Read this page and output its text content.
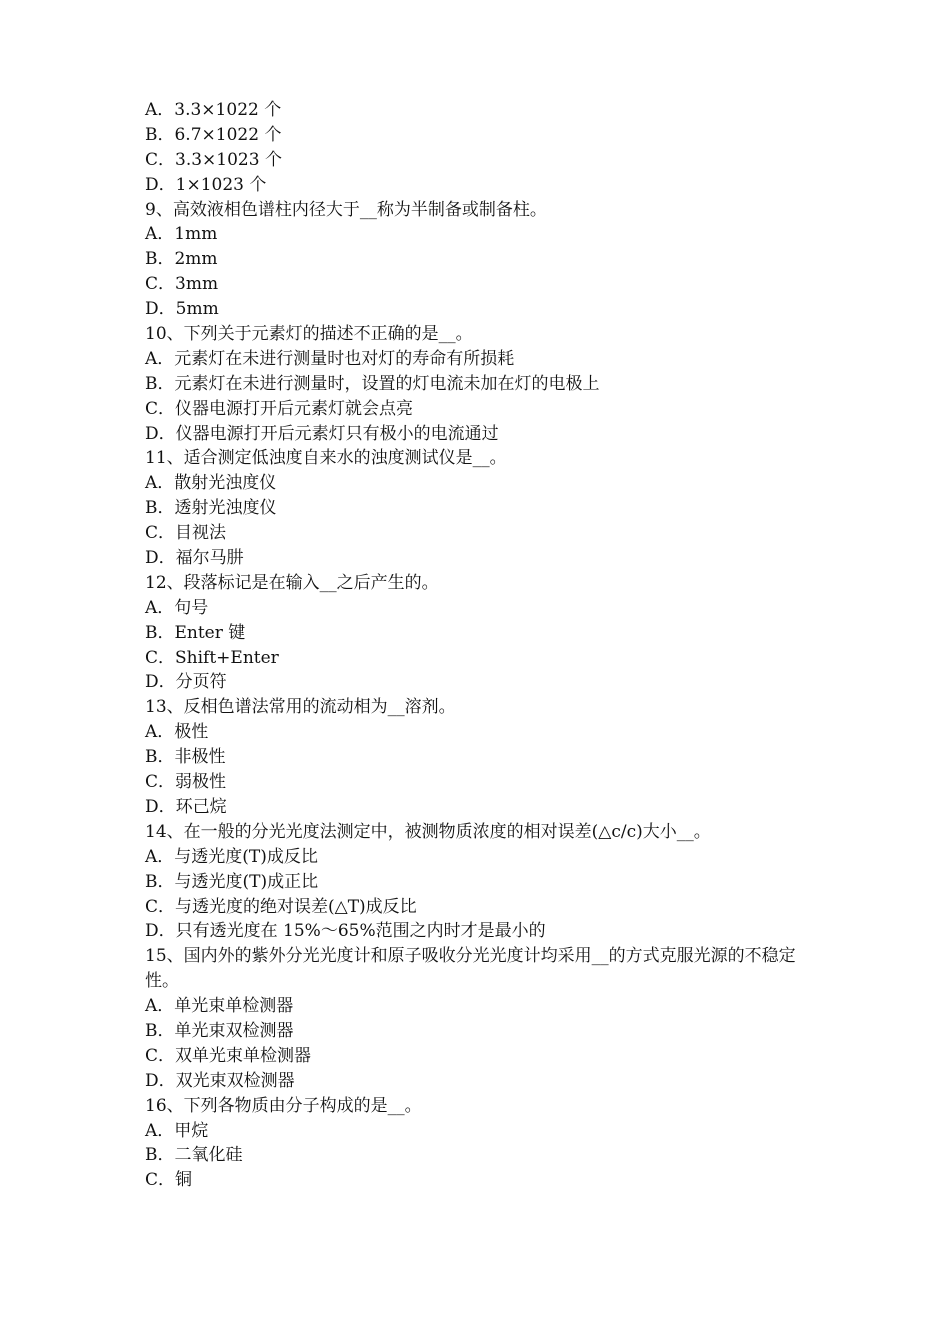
A．3.3×1022 个
B．6.7×1022 个
C．3.3×1023 个
D．1×1023 个
9、高效液相色谱柱内径大于__称为半制备或制备柱。
A．1mm
B．2mm
C．3mm
D．5mm
10、下列关于元素灯的描述不正确的是__。
A．元素灯在未进行测量时也对灯的寿命有所损耗
B．元素灯在未进行测量时，设置的灯电流未加在灯的电极上
C．仪器电源打开后元素灯就会点亮
D．仪器电源打开后元素灯只有极小的电流通过
11、适合测定低浊度自来水的浊度测试仪是__。
A．散射光浊度仪
B．透射光浊度仪
C．目视法
D．福尔马肼
12、段落标记是在输入__之后产生的。
A．句号
B．Enter 键
C．Shift+Enter
D．分页符
13、反相色谱法常用的流动相为__溶剂。
A．极性
B．非极性
C．弱极性
D．环己烷
14、在一般的分光光度法测定中，被测物质浓度的相对误差(△c/c)大小__。
A．与透光度(T)成反比
B．与透光度(T)成正比
C．与透光度的绝对误差(△T)成反比
D．只有透光度在 15%～65%范围之内时才是最小的
15、国内外的紫外分光光度计和原子吸收分光光度计均采用__的方式克服光源的不稳定性。
A．单光束单检测器
B．单光束双检测器
C．双单光束单检测器
D．双光束双检测器
16、下列各物质由分子构成的是__。
A．甲烷
B．二氧化硅
C．铜
